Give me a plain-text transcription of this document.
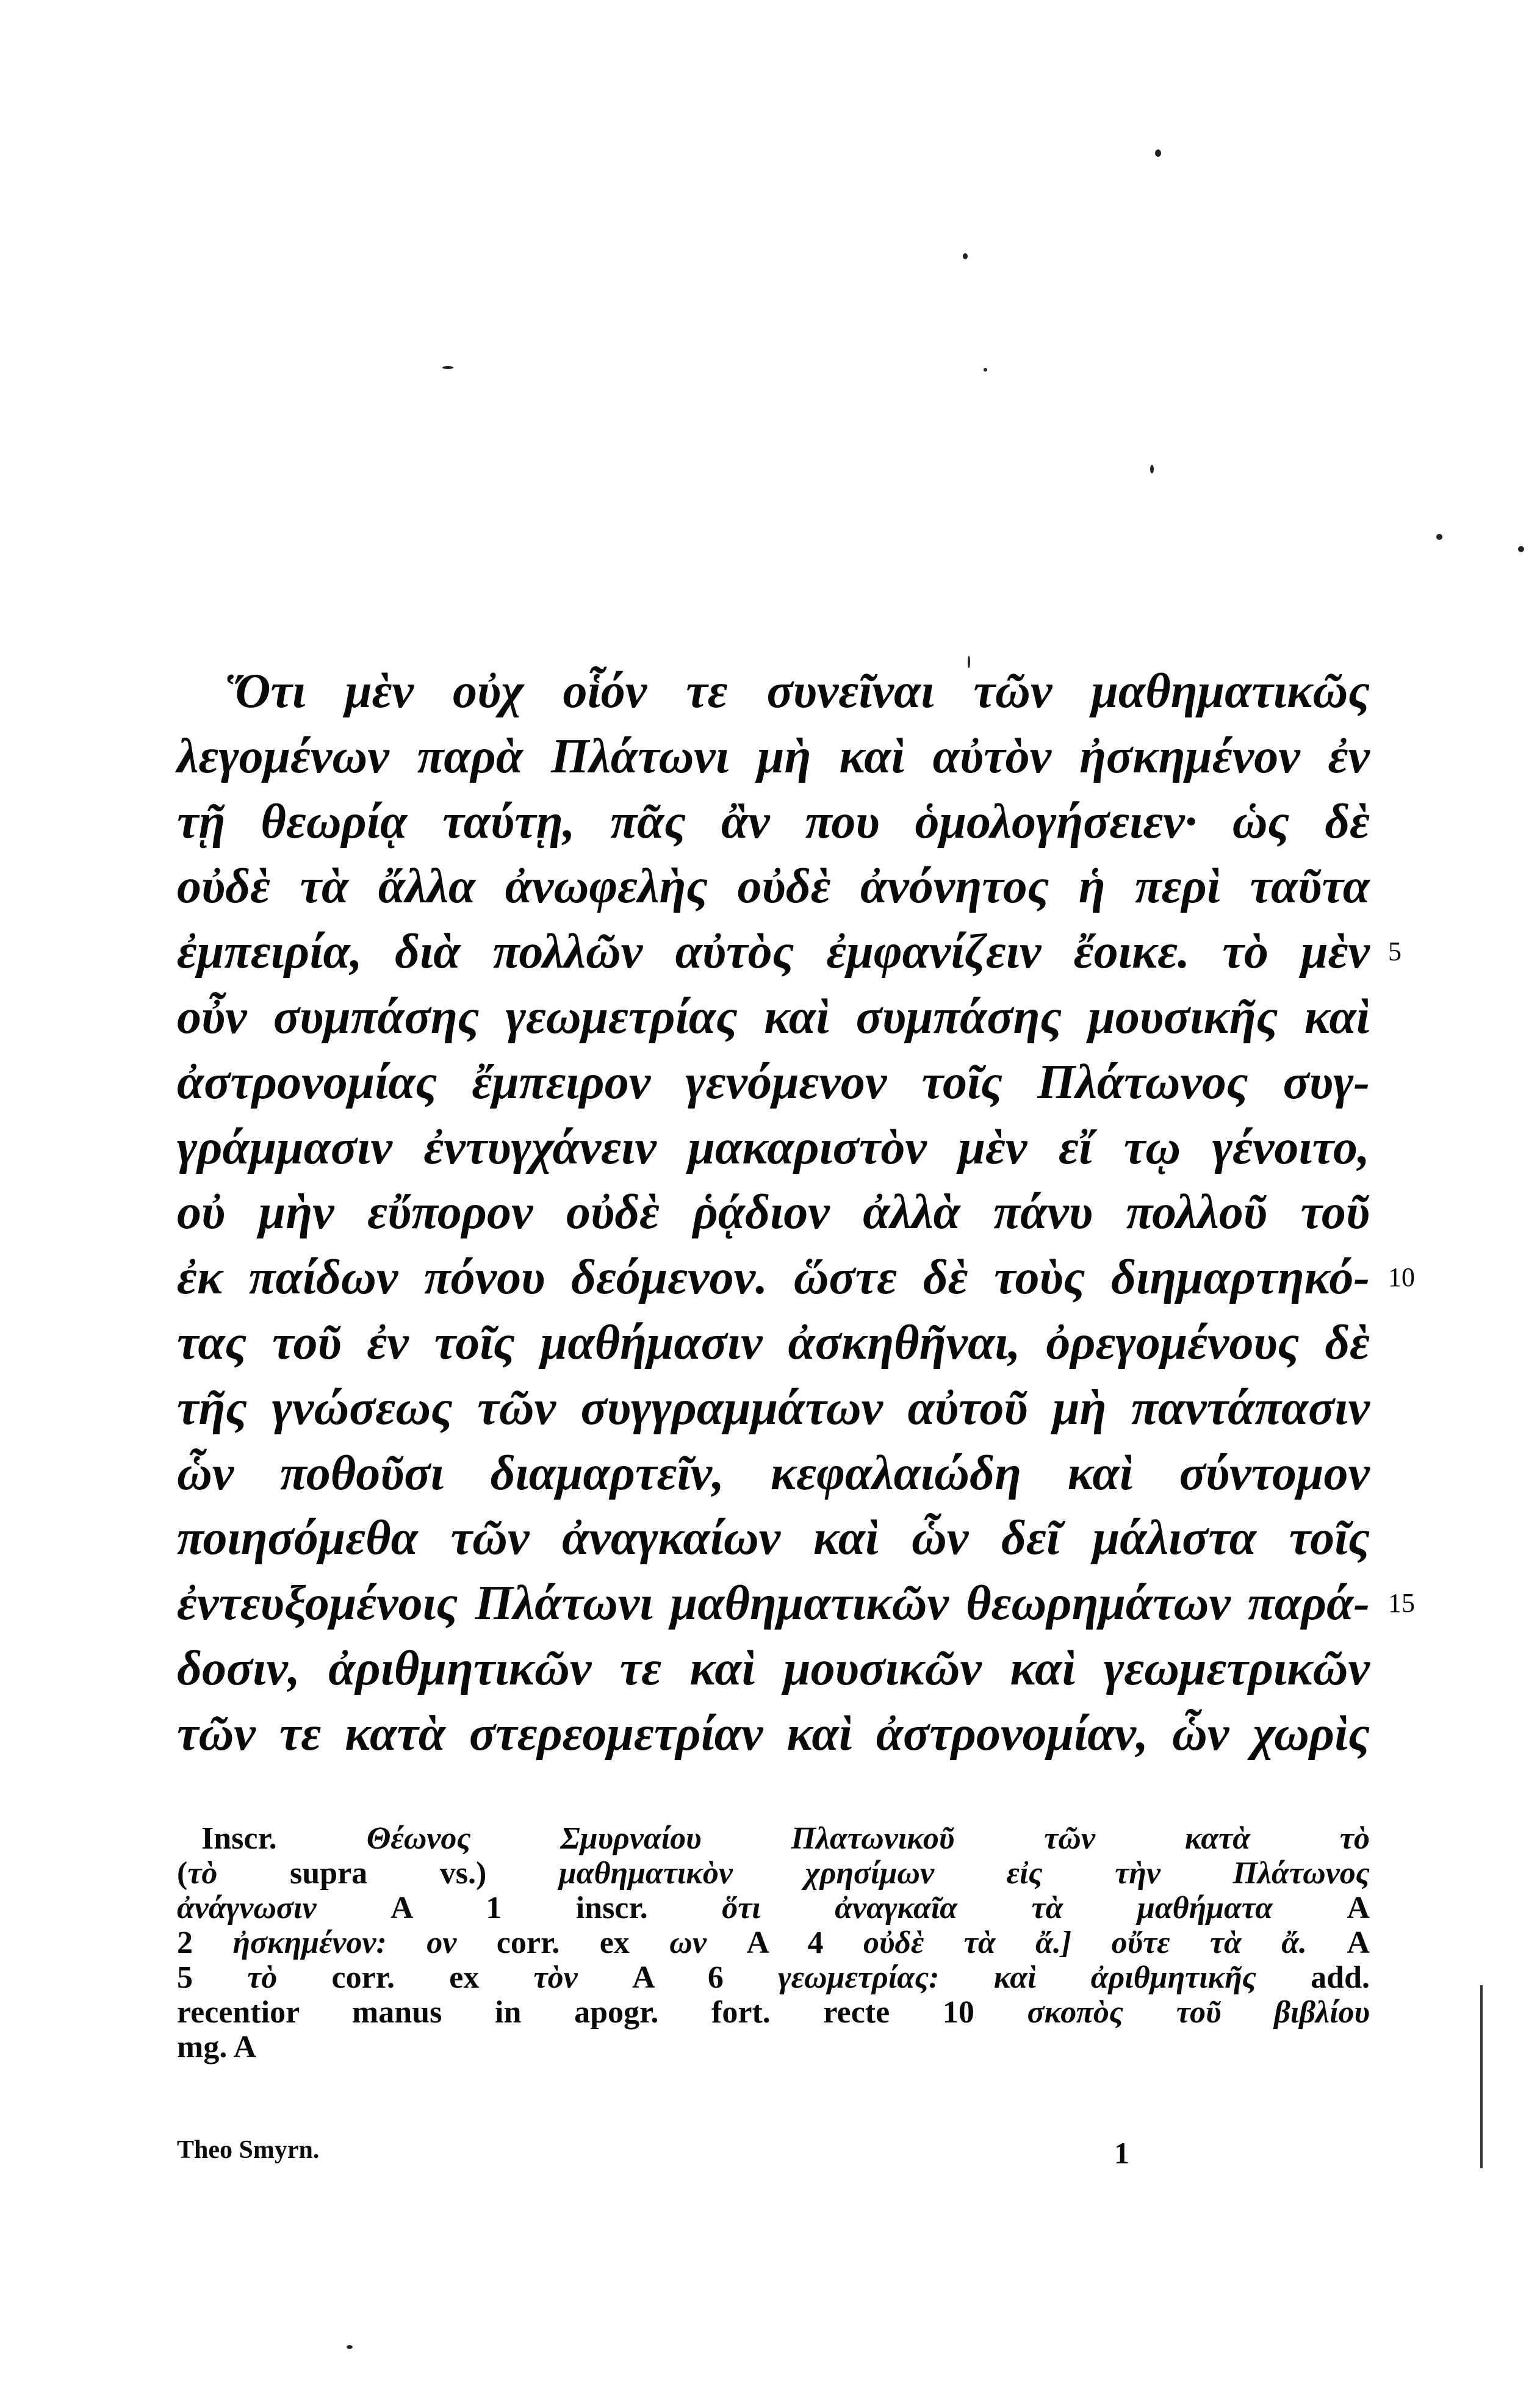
Ὅτι μὲν οὐχ οἷόν τε συνεῖναι τῶν μαθηματικῶς
λεγομένων παρὰ Πλάτωνι μὴ καὶ αὐτὸν ἠσκημένον ἐν
τῇ θεωρίᾳ ταύτῃ, πᾶς ἂν που ὁμολογήσειεν· ὡς δὲ
οὐδὲ τὰ ἄλλα ἀνωφελὴς οὐδὲ ἀνόνητος ἡ περὶ ταῦτα
ἐμπειρία, διὰ πολλῶν αὐτὸς ἐμφανίζειν ἔοικε. τὸ μὲν 5
οὖν συμπάσης γεωμετρίας καὶ συμπάσης μουσικῆς καὶ
ἀστρονομίας ἔμπειρον γενόμενον τοῖς Πλάτωνος συγ-
γράμμασιν ἐντυγχάνειν μακαριστὸν μὲν εἴ τῳ γένοιτο,
οὐ μὴν εὔπορον οὐδὲ ῥᾴδιον ἀλλὰ πάνυ πολλοῦ τοῦ
ἐκ παίδων πόνου δεόμενον. ὥστε δὲ τοὺς διημαρτηκό- 10
τας τοῦ ἐν τοῖς μαθήμασιν ἀσκηθῆναι, ὀρεγομένους δὲ
τῆς γνώσεως τῶν συγγραμμάτων αὐτοῦ μὴ παντάπασιν
ὧν ποθοῦσι διαμαρτεῖν, κεφαλαιώδη καὶ σύντομον
ποιησόμεθα τῶν ἀναγκαίων καὶ ὧν δεῖ μάλιστα τοῖς
ἐντευξομένοις Πλάτωνι μαθηματικῶν θεωρημάτων παρά- 15
δοσιν, ἀριθμητικῶν τε καὶ μουσικῶν καὶ γεωμετρικῶν
τῶν τε κατὰ στερεομετρίαν καὶ ἀστρονομίαν, ὧν χωρὶς
Inscr. Θέωνος Σμυρναίου Πλατωνικοῦ τῶν κατὰ τὸ
(τὸ supra vs.) μαθηματικὸν χρησίμων εἰς τὴν Πλάτωνος
ἀνάγνωσιν A 1 inscr. ὅτι ἀναγκαῖα τὰ μαθήματα A
2 ἠσκημένον: ον corr. ex ων A 4 οὐδὲ τὰ ἄ.] οὔτε τὰ ἄ. A
5 τὸ corr. ex τὸν A 6 γεωμετρίας: καὶ ἀριθμητικῆς add.
recentior manus in apogr. fort. recte 10 σκοπὸς τοῦ βιβλίου
mg. A
Theo Smyrn.	1
